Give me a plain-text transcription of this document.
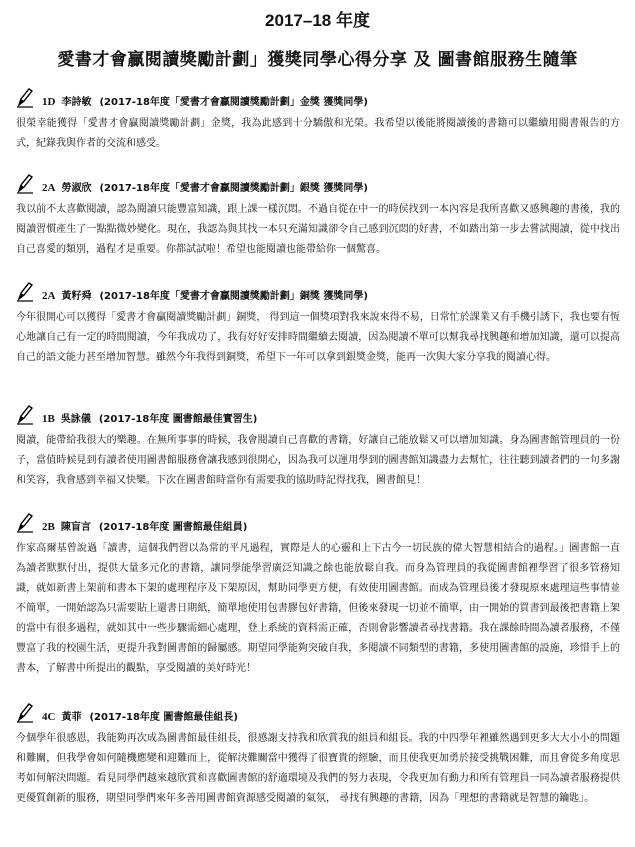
2017–18 年度
愛書才會贏閱讀獎勵計劃」獲獎同學心得分享 及 圖書館服務生隨筆
1D 李詩敏 (2017-18年度「愛書才會贏閱讀獎勵計劃」金獎 獲獎同學)

很榮幸能獲得「愛書才會贏閱讀獎勵計劃」金獎，我為此感到十分驕傲和光榮。我希望以後能將閱讀後的書籍可以繼續用閱書報告的方式，紀錄我與作者的交流和感受。

2A 勞淑欣 (2017-18年度「愛書才會贏閱讀獎勵計劃」銀獎 獲獎同學)

我以前不太喜歡閱讀，認為閱讀只能豐富知識，跟上課一樣沉悶。不過自從在中一的時侯找到一本內容是我所喜歡又感興趣的書後，我的閱讀習慣產生了一點點微妙變化。現在，我認為與其找一本只充滿知識卻令自己感到沉悶的好書，不如踏出第一步去嘗試閱讀，從中找出自己喜愛的類別，過程才是重要。你都試試啦！希望也能閱讀也能帶給你一個驚喜。

2A 黃籽舜 (2017-18年度「愛書才會贏閱讀獎勵計劃」銅獎 獲獎同學)

今年很開心可以獲得「愛書才會贏閱讀獎勵計劃」銅獎， 得到這一個獎項對我來說來得不易，日常忙於課業又有手機引誘下，我也要有恆心地讓自己有一定的時間閱讀，今年我成功了，我有好好安排時間繼續去閱讀，因為閱讀不單可以幫我尋找興趣和增加知識，還可以提高自己的語文能力甚至增加智慧。雖然今年我得到銅獎，希望下一年可以拿到銀獎金獎，能再一次與大家分享我的閱讀心得。

1B 吳詠儀 (2017-18年度 圖書館最佳實習生)

閱讀，能帶給我很大的樂趣。在無所事事的時候，我會閱讀自己喜歡的書籍，好讓自己能放鬆又可以增加知識。身為圖書館管理員的一份子，當值時候見到有讀者使用圖書館服務會讓我感到很開心，因為我可以運用學到的圖書館知識盡力去幫忙，往往聽到讀者們的一句多謝和笑容，我會感到幸福又快樂。下次在圖書館時當你有需要我的協助時記得找我，圖書館見！

2B 陳盲言 (2017-18年度 圖書館最佳組員)

作家高爾基曾說過「讀書，這個我們習以為常的平凡過程，實際是人的心靈和上下古今一切民族的偉大智慧相結合的過程。」圖書館一直為讀者默默付出，提供大量多元化的書籍，讓同學能學習廣泛知識之餘也能放鬆自我。而身為管理員的我從圖書館裡學習了很多管務知識，就如新書上架前和書本下架的處理程序及下架原因，幫助同學更方便，有效使用圖書館。而成為管理員後才發現原來處理這些事情並不簡單，一開始認為只需要貼上還書日期紙，簡單地使用包書膠包好書籍，但後來發現一切並不簡單，由一開始的買書到最後把書籍上架的當中有很多過程，就如其中一些步驟需細心處理，登上系統的資料需正確，否則會影響讀者尋找書籍。我在課餘時間為讀者服務，不僅豐富了我的校園生活，更提升我對圖書館的歸屬感。期望同學能夠突破自我，多閱讀不同類型的書籍，多使用圖書館的設施，珍惜手上的書本，了解書中所提出的觀點，享受閱讀的美好時光！

4C 黃菲 (2017-18年度 圖書館最佳組長)

今個學年很感恩，我能夠再次成為圖書館最佳組長，很感謝支持我和欣賞我的組員和組長。我的中四學年裡雖然遇到更多大大小小的問題和難關，但我學會如何隨機應變和迎難而上，從解決難關當中獲得了很寶貴的經驗，而且使我更加勇於接受挑戰困難，而且會從多角度思考如何解決問題。看見同學們越來越欣賞和喜歡圖書館的舒適環境及我們的努力表現，令我更加有動力和所有管理員一同為讀者服務提供更優質創新的服務，期望同學們來年多善用圖書館資源感受閱讀的氣氛， 尋找有興趣的書籍，因為「理想的書籍就是智慧的鑰匙」。
